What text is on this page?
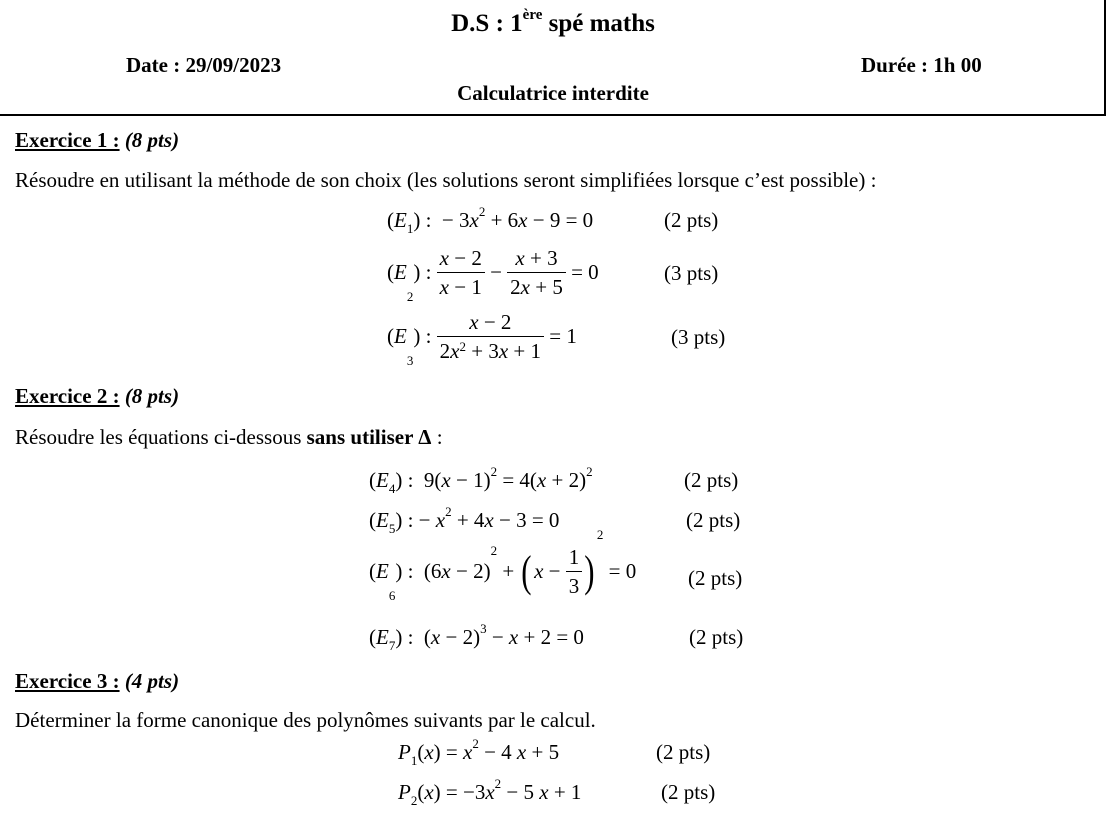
D.S : 1ère spé maths
Date : 29/09/2023	Durée : 1h 00
Calculatrice interdite
Exercice 1 : (8 pts)
Résoudre en utilisant la méthode de son choix (les solutions seront simplifiées lorsque c’est possible) :
(E1) :  − $3x^2 + 6x - 9 = 0$	(2 pts)
(E2) : $\frac{x - 2}{x - 1} - \frac{x + 3}{2x + 5} = 0$	(3 pts)
(E3) : $\frac{x - 2}{2x^2 + 3x + 1} = 1$	(3 pts)
Exercice 2 : (8 pts)
Résoudre les équations ci-dessous sans utiliser Δ :
(E4) :  $9(x - 1)^2 = 4(x + 2)^2$	(2 pts)
(E5) : − $x^2 + 4x - 3 = 0$	(2 pts)
(E6) :  $(6x - 2)^2$ + ( $x - \frac{1}{3} )^2 = 0$ (2 pts)
(E7) :  $(x - 2)^3 - x + 2 = 0$	(2 pts)
Exercice 3 : (4 pts)
Déterminer la forme canonique des polynômes suivants par le calcul.
$P1(x) = x^2 - 4$ x + 5	(2 pts)
$P2(x) = -3x^2 - 5$ x + 1	(2 pts)
